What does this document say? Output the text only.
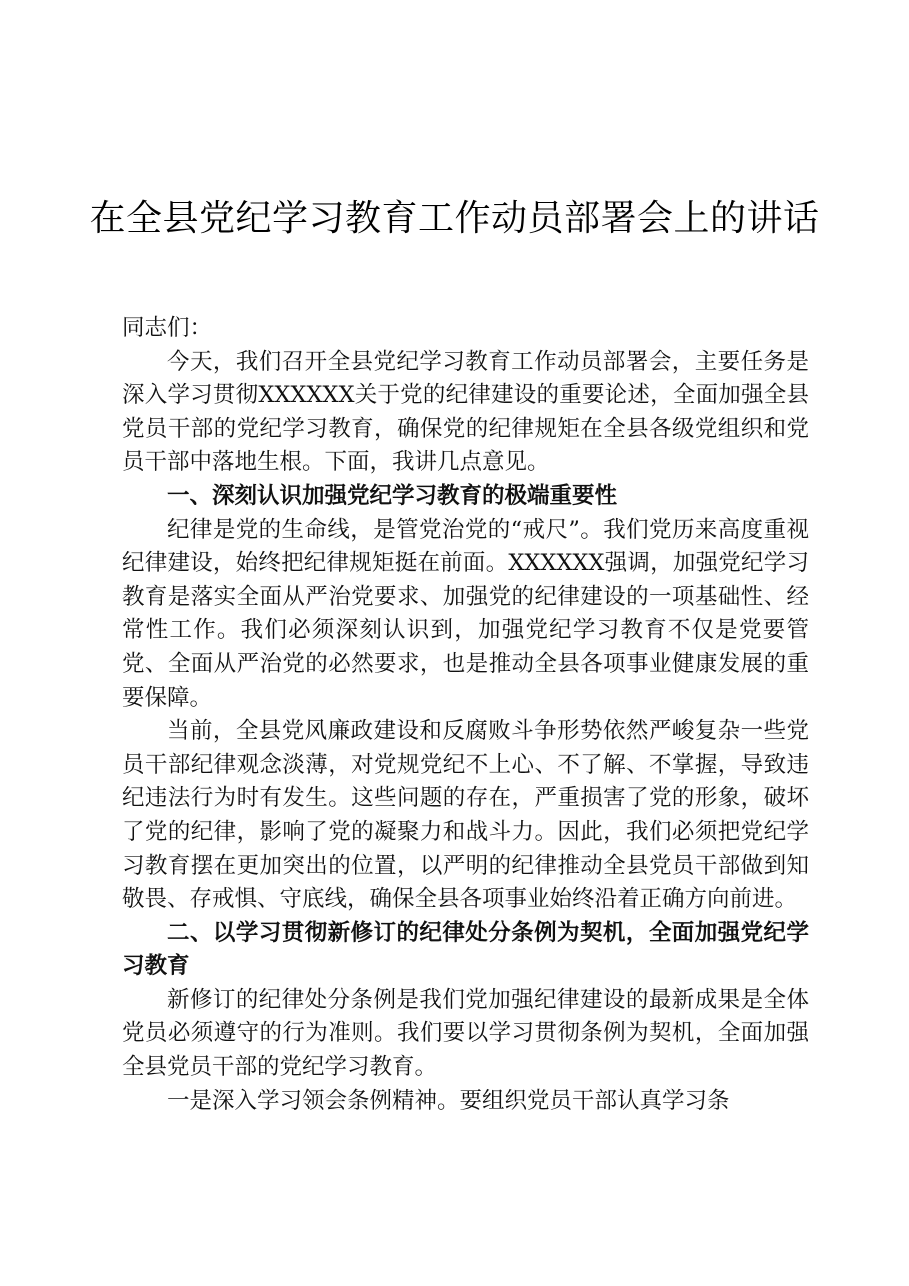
在全县党纪学习教育工作动员部署会上的讲话

同志们：

今天，我们召开全县党纪学习教育工作动员部署会，主要任务是深入学习贯彻XXXXXX关于党的纪律建设的重要论述，全面加强全县党员干部的党纪学习教育，确保党的纪律规矩在全县各级党组织和党员干部中落地生根。下面，我讲几点意见。

一、深刻认识加强党纪学习教育的极端重要性

纪律是党的生命线，是管党治党的“戒尺”。我们党历来高度重视纪律建设，始终把纪律规矩挺在前面。XXXXXX强调，加强党纪学习教育是落实全面从严治党要求、加强党的纪律建设的一项基础性、经常性工作。我们必须深刻认识到，加强党纪学习教育不仅是党要管党、全面从严治党的必然要求，也是推动全县各项事业健康发展的重要保障。

当前，全县党风廉政建设和反腐败斗争形势依然严峻复杂一些党员干部纪律观念淡薄，对党规党纪不上心、不了解、不掌握，导致违纪违法行为时有发生。这些问题的存在，严重损害了党的形象，破坏了党的纪律，影响了党的凝聚力和战斗力。因此，我们必须把党纪学习教育摆在更加突出的位置，以严明的纪律推动全县党员干部做到知敬畏、存戒惧、守底线，确保全县各项事业始终沿着正确方向前进。

二、以学习贯彻新修订的纪律处分条例为契机，全面加强党纪学习教育

新修订的纪律处分条例是我们党加强纪律建设的最新成果是全体党员必须遵守的行为准则。我们要以学习贯彻条例为契机，全面加强全县党员干部的党纪学习教育。

一是深入学习领会条例精神。要组织党员干部认真学习条
